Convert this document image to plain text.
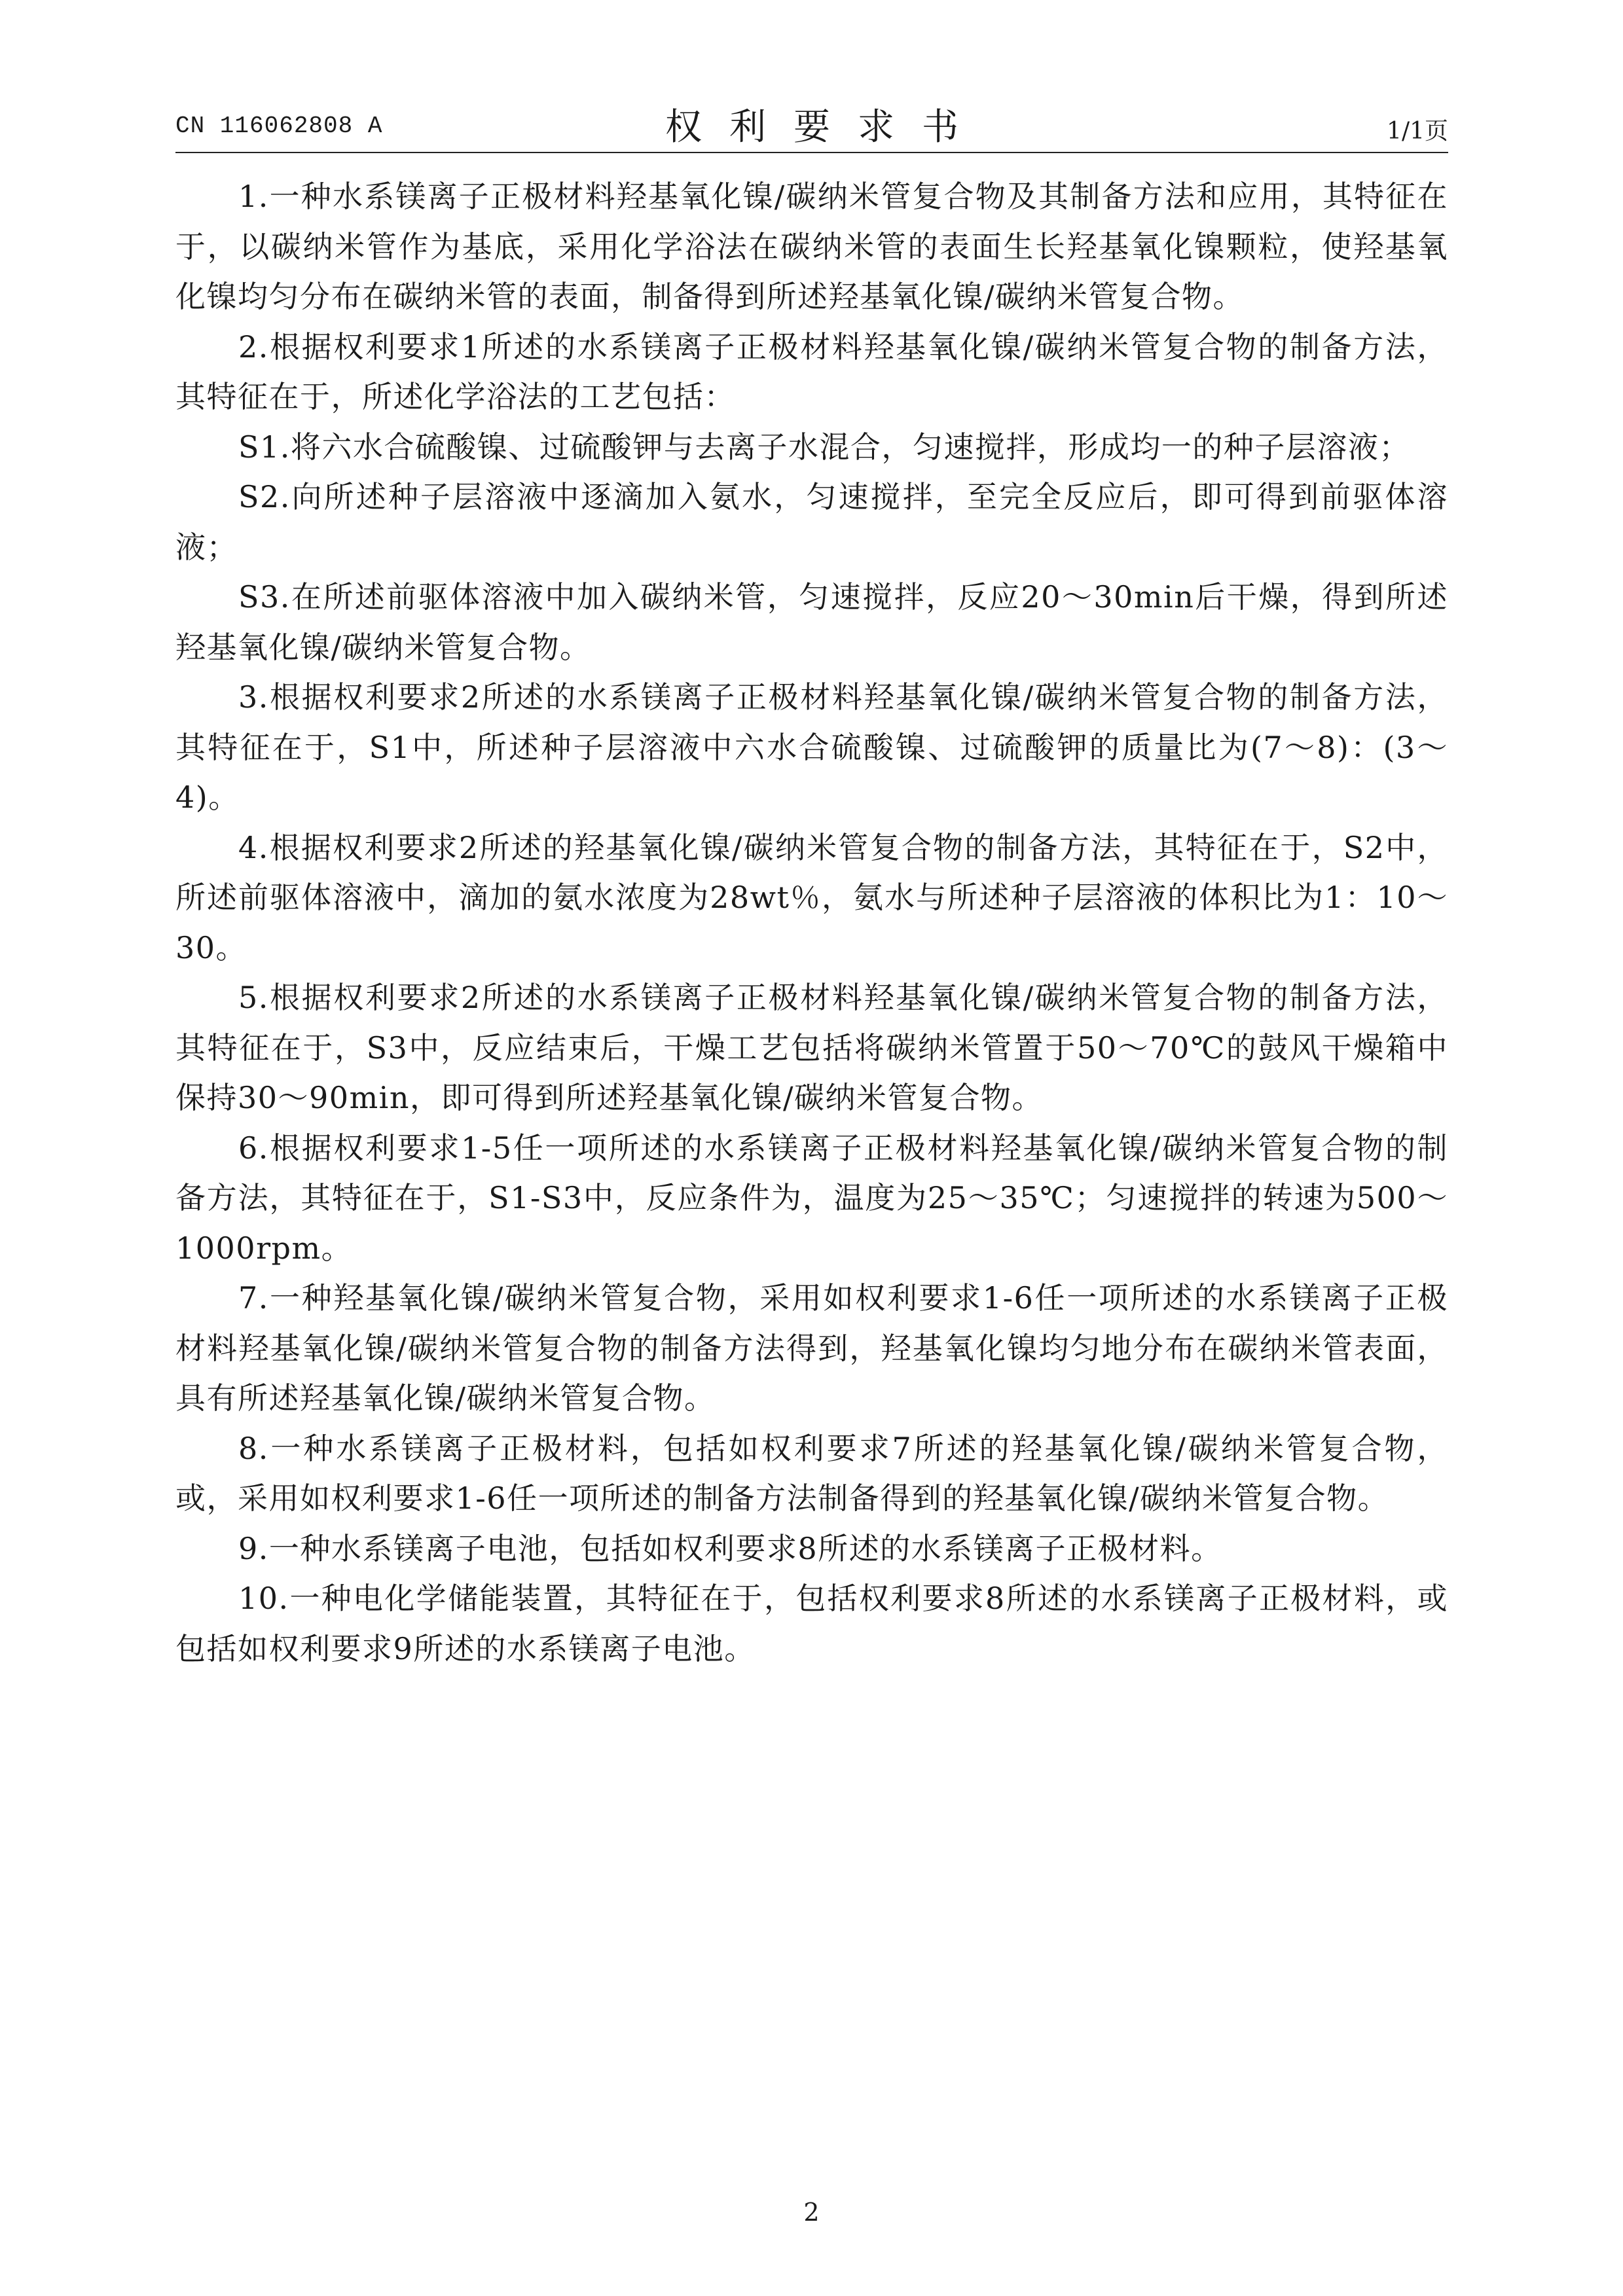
CN 116062808 A	权利要求书	1/1页

1.一种水系镁离子正极材料羟基氧化镍/碳纳米管复合物及其制备方法和应用，其特征在于，以碳纳米管作为基底，采用化学浴法在碳纳米管的表面生长羟基氧化镍颗粒，使羟基氧化镍均匀分布在碳纳米管的表面，制备得到所述羟基氧化镍/碳纳米管复合物。

2.根据权利要求1所述的水系镁离子正极材料羟基氧化镍/碳纳米管复合物的制备方法，其特征在于，所述化学浴法的工艺包括：

S1.将六水合硫酸镍、过硫酸钾与去离子水混合，匀速搅拌，形成均一的种子层溶液；

S2.向所述种子层溶液中逐滴加入氨水，匀速搅拌，至完全反应后，即可得到前驱体溶液；

S3.在所述前驱体溶液中加入碳纳米管，匀速搅拌，反应20～30min后干燥，得到所述羟基氧化镍/碳纳米管复合物。

3.根据权利要求2所述的水系镁离子正极材料羟基氧化镍/碳纳米管复合物的制备方法，其特征在于，S1中，所述种子层溶液中六水合硫酸镍、过硫酸钾的质量比为(7～8)：(3～4)。

4.根据权利要求2所述的羟基氧化镍/碳纳米管复合物的制备方法，其特征在于，S2中，所述前驱体溶液中，滴加的氨水浓度为28wt％，氨水与所述种子层溶液的体积比为1：10～30。

5.根据权利要求2所述的水系镁离子正极材料羟基氧化镍/碳纳米管复合物的制备方法，其特征在于，S3中，反应结束后，干燥工艺包括将碳纳米管置于50～70℃的鼓风干燥箱中保持30～90min，即可得到所述羟基氧化镍/碳纳米管复合物。

6.根据权利要求1-5任一项所述的水系镁离子正极材料羟基氧化镍/碳纳米管复合物的制备方法，其特征在于，S1-S3中，反应条件为，温度为25～35℃；匀速搅拌的转速为500～1000rpm。

7.一种羟基氧化镍/碳纳米管复合物，采用如权利要求1-6任一项所述的水系镁离子正极材料羟基氧化镍/碳纳米管复合物的制备方法得到，羟基氧化镍均匀地分布在碳纳米管表面，具有所述羟基氧化镍/碳纳米管复合物。

8.一种水系镁离子正极材料，包括如权利要求7所述的羟基氧化镍/碳纳米管复合物，或，采用如权利要求1-6任一项所述的制备方法制备得到的羟基氧化镍/碳纳米管复合物。

9.一种水系镁离子电池，包括如权利要求8所述的水系镁离子正极材料。

10.一种电化学储能装置，其特征在于，包括权利要求8所述的水系镁离子正极材料，或包括如权利要求9所述的水系镁离子电池。

2
